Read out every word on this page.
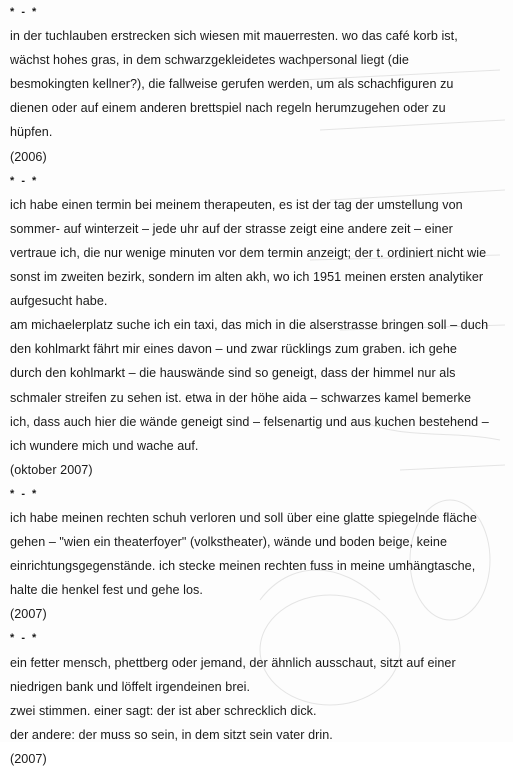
* - *
in der tuchlauben erstrecken sich wiesen mit mauerresten. wo das café korb ist,
wächst hohes gras, in dem schwarzgekleidetes wachpersonal liegt (die
besmokingten kellner?), die fallweise gerufen werden, um als schachfiguren zu
dienen oder auf einem anderen brettspiel nach regeln herumzugehen oder zu
hüpfen.
(2006)
* - *
ich habe einen termin bei meinem therapeuten, es ist der tag der umstellung von
sommer- auf winterzeit – jede uhr auf der strasse zeigt eine andere zeit – einer
vertraue ich, die nur wenige minuten vor dem termin anzeigt; der t. ordiniert nicht wie
sonst im zweiten bezirk, sondern im alten akh, wo ich 1951 meinen ersten analytiker
aufgesucht habe.
am michaelerplatz suche ich ein taxi, das mich in die alserstrasse bringen soll – duch
den kohlmarkt fährt mir eines davon – und zwar rücklings zum graben. ich gehe
durch den kohlmarkt – die hauswände sind so geneigt, dass der himmel nur als
schmaler streifen zu sehen ist. etwa in der höhe aida – schwarzes kamel bemerke
ich, dass auch hier die wände geneigt sind – felsenartig und aus kuchen bestehend –
ich wundere mich und wache auf.
(oktober 2007)
* - *
ich habe meinen rechten schuh verloren und soll über eine glatte spiegelnde fläche
gehen – "wien ein theaterfoyer" (volkstheater), wände und boden beige, keine
einrichtungsgegenstände. ich stecke meinen rechten fuss in meine umhängtasche,
halte die henkel fest und gehe los.
(2007)
* - *
ein fetter mensch, phettberg oder jemand, der ähnlich ausschaut, sitzt auf einer
niedrigen bank und löffelt irgendeinen brei.
zwei stimmen. einer sagt: der ist aber schrecklich dick.
der andere: der muss so sein, in dem sitzt sein vater drin.
(2007)
